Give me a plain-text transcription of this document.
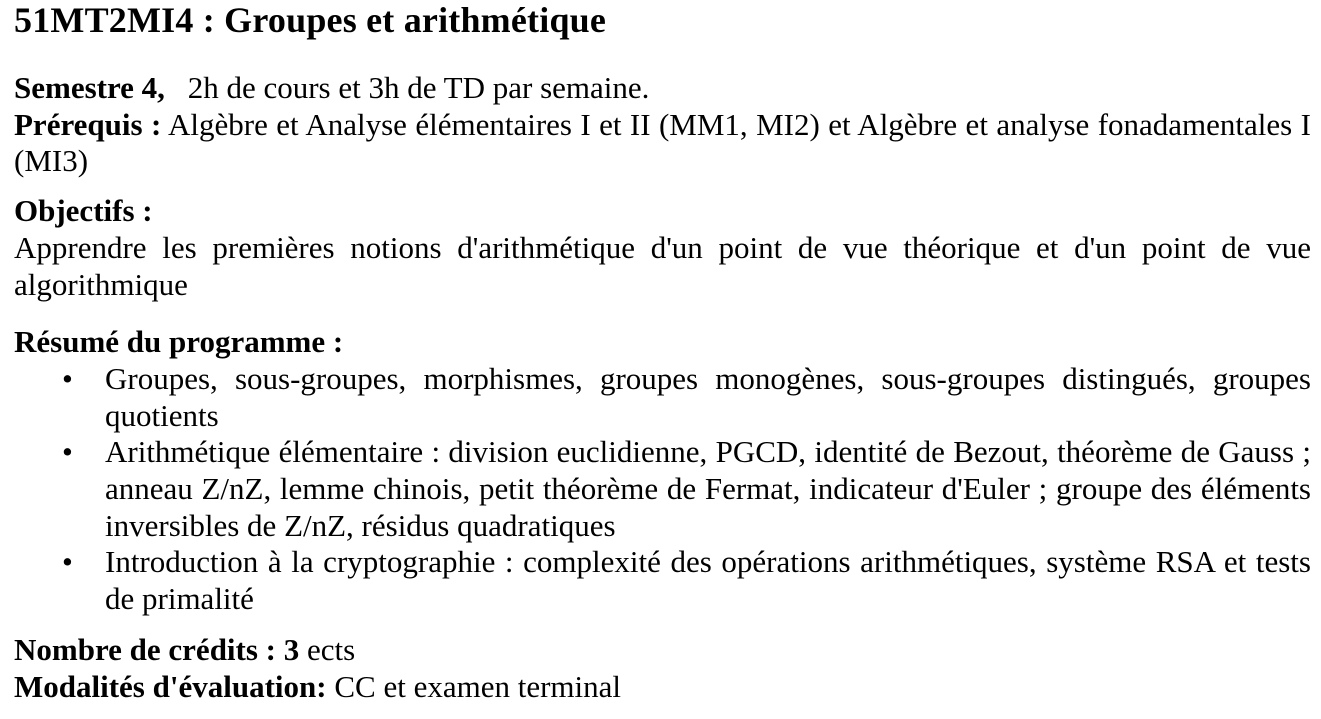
51MT2MI4 : Groupes et arithmétique

Semestre 4, 2h de cours et 3h de TD par semaine.

Prérequis : Algèbre et Analyse élémentaires I et II (MM1, MI2) et Algèbre et analyse fonadamentales I (MI3)

Objectifs :

Apprendre les premières notions d'arithmétique d'un point de vue théorique et d'un point de vue algorithmique

Résumé du programme :
• Groupes, sous-groupes, morphismes, groupes monogènes, sous-groupes distingués, groupes quotients
• Arithmétique élémentaire : division euclidienne, PGCD, identité de Bezout, théorème de Gauss ; anneau Z/nZ, lemme chinois, petit théorème de Fermat, indicateur d'Euler ; groupe des éléments inversibles de Z/nZ, résidus quadratiques
• Introduction à la cryptographie : complexité des opérations arithmétiques, système RSA et tests de primalité

Nombre de crédits : 3 ects

Modalités d'évaluation: CC et examen terminal
